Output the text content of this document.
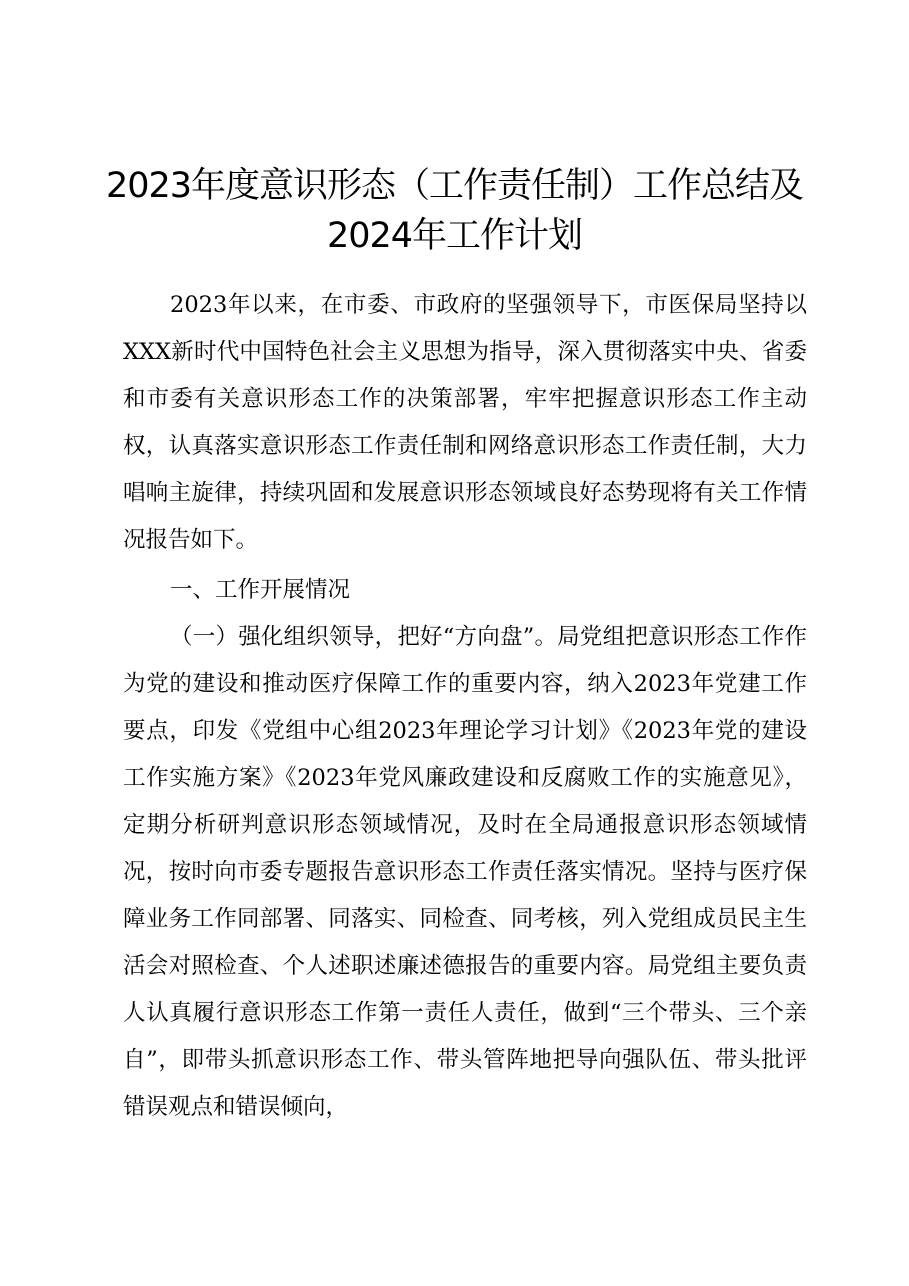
2023年度意识形态（工作责任制）工作总结及
2024年工作计划

2023年以来，在市委、市政府的坚强领导下，市医保局坚持以XXX新时代中国特色社会主义思想为指导，深入贯彻落实中央、省委和市委有关意识形态工作的决策部署，牢牢把握意识形态工作主动权，认真落实意识形态工作责任制和网络意识形态工作责任制，大力唱响主旋律，持续巩固和发展意识形态领域良好态势现将有关工作情况报告如下。

一、工作开展情况

（一）强化组织领导，把好“方向盘”。局党组把意识形态工作作为党的建设和推动医疗保障工作的重要内容，纳入2023年党建工作要点，印发《党组中心组2023年理论学习计划》《2023年党的建设工作实施方案》《2023年党风廉政建设和反腐败工作的实施意见》，定期分析研判意识形态领域情况，及时在全局通报意识形态领域情况，按时向市委专题报告意识形态工作责任落实情况。坚持与医疗保障业务工作同部署、同落实、同检查、同考核，列入党组成员民主生活会对照检查、个人述职述廉述德报告的重要内容。局党组主要负责人认真履行意识形态工作第一责任人责任，做到“三个带头、三个亲自”，即带头抓意识形态工作、带头管阵地把导向强队伍、带头批评错误观点和错误倾向，
